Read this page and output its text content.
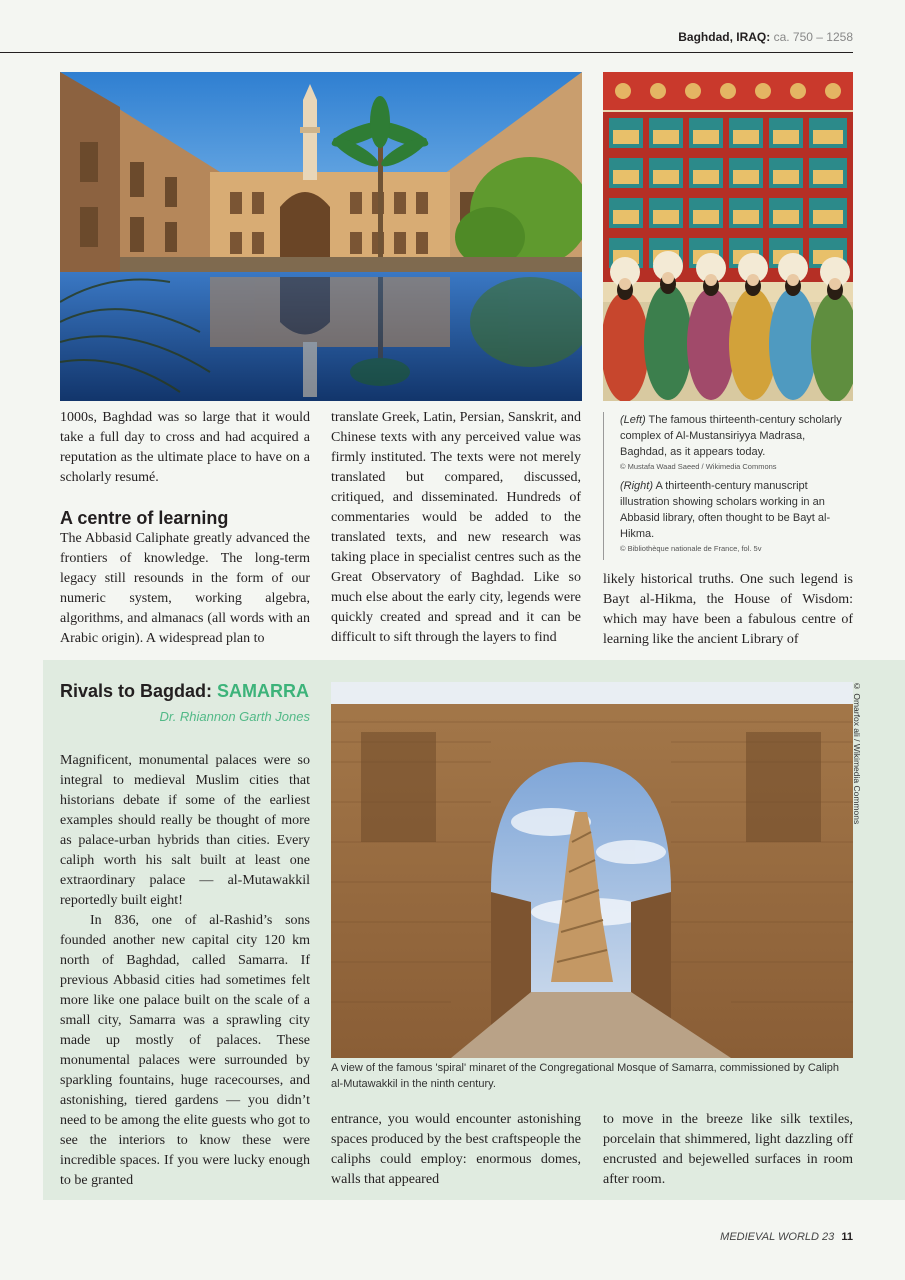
Baghdad, IRAQ: ca. 750 – 1258

1000s, Baghdad was so large that it would take a full day to cross and had acquired a reputation as the ultimate place to have on a scholarly resumé.

A centre of learning

The Abbasid Caliphate greatly advanced the frontiers of knowledge. The long-term legacy still resounds in the form of our numeric system, working algebra, algorithms, and almanacs (all words with an Arabic origin). A widespread plan to

translate Greek, Latin, Persian, Sanskrit, and Chinese texts with any perceived value was firmly instituted. The texts were not merely translated but compared, discussed, critiqued, and disseminated. Hundreds of commentaries would be added to the translated texts, and new research was taking place in specialist centres such as the Great Observatory of Baghdad. Like so much else about the early city, legends were quickly created and spread and it can be difficult to sift through the layers to find

likely historical truths. One such legend is Bayt al-Hikma, the House of Wisdom: which may have been a fabulous centre of learning like the ancient Library of

(Left) The famous thirteenth-century scholarly complex of Al-Mustansiriyya Madrasa, Baghdad, as it appears today.

© Mustafa Waad Saeed / Wikimedia Commons

(Right) A thirteenth-century manuscript illustration showing scholars working in an Abbasid library, often thought to be Bayt al-Hikma.

© Bibliothèque nationale de France, fol. 5v

Rivals to Bagdad: SAMARRA
Dr. Rhiannon Garth Jones

Magnificent, monumental palaces were so integral to medieval Muslim cities that historians debate if some of the earliest examples should really be thought of more as palace-urban hybrids than cities. Every caliph worth his salt built at least one extraordinary palace — al-Mutawakkil reportedly built eight!

In 836, one of al-Rashid’s sons founded another new capital city 120 km north of Baghdad, called Samarra. If previous Abbasid cities had sometimes felt more like one palace built on the scale of a small city, Samarra was a sprawling city made up mostly of palaces. These monumental palaces were surrounded by sparkling fountains, huge racecourses, and astonishing, tiered gardens — you didn’t need to be among the elite guests who got to see the interiors to know these were incredible spaces. If you were lucky enough to be granted

© Omarfox ali / Wikimedia Commons
A view of the famous 'spiral' minaret of the Congregational Mosque of Samarra, commissioned by Caliph al-Mutawakkil in the ninth century.

entrance, you would encounter astonishing spaces produced by the best craftspeople the caliphs could employ: enormous domes, walls that appeared

to move in the breeze like silk textiles, porcelain that shimmered, light dazzling off encrusted and bejewelled surfaces in room after room.

MEDIEVAL WORLD 23 11
